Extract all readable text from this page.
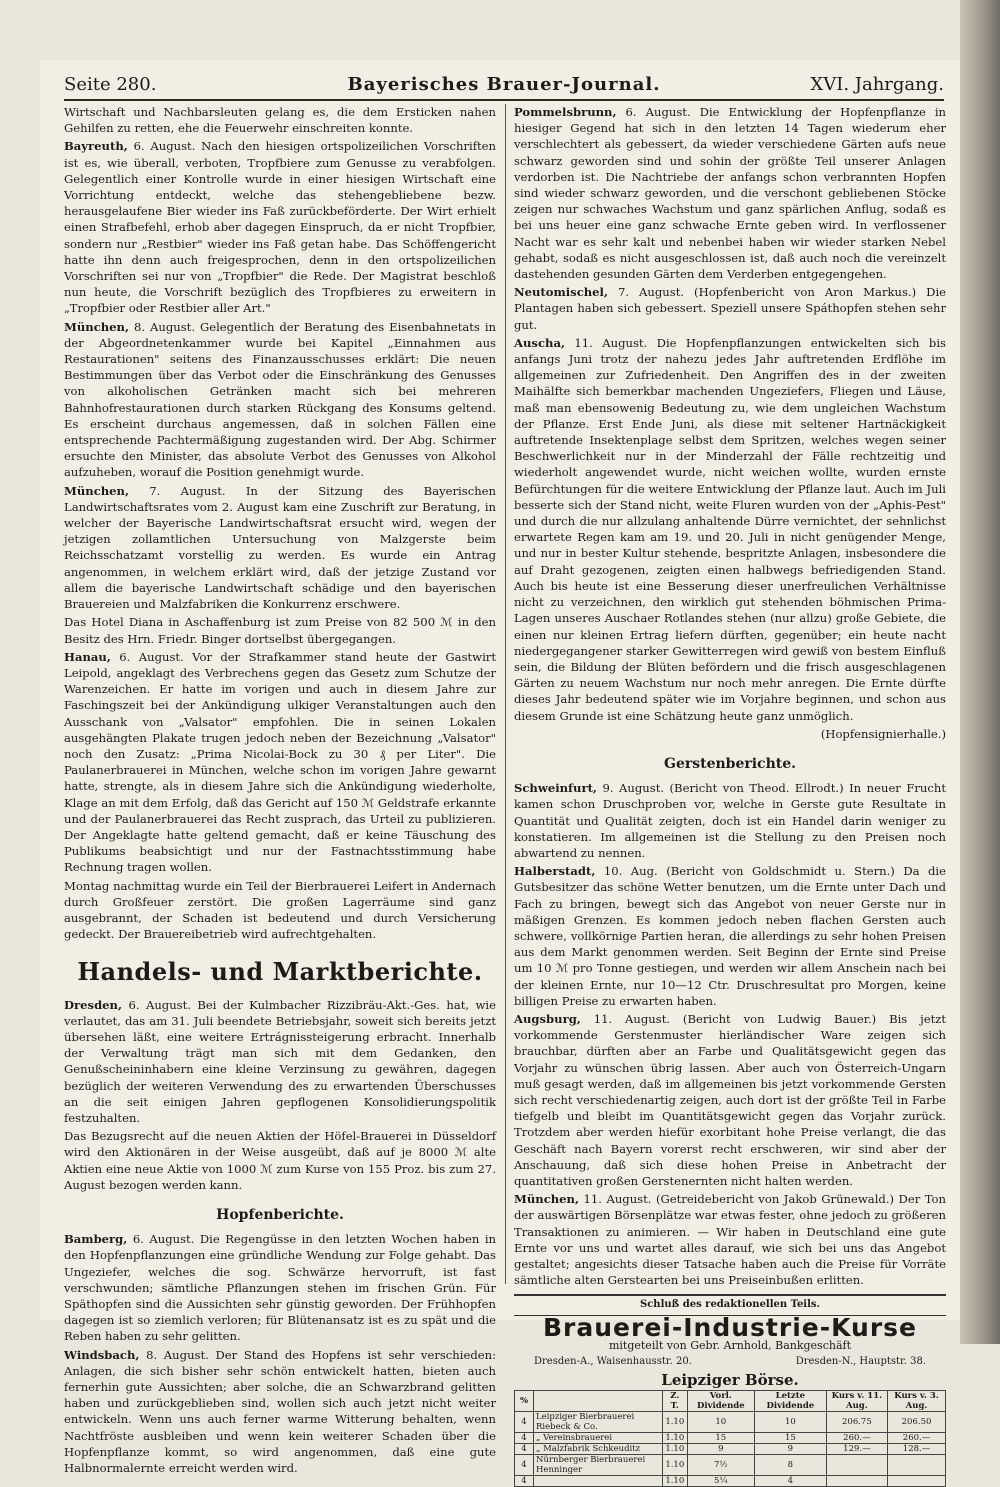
Seite 280.	Bayerisches Brauer-Journal.	XVI. Jahrgang.

Wirtschaft und Nachbarsleuten gelang es, die dem Ersticken nahen Gehilfen zu retten, ehe die Feuerwehr einschreiten konnte.

Bayreuth, 6. August. Nach den hiesigen ortspolizeilichen Vorschriften ist es, wie überall, verboten, Tropfbiere zum Genusse zu verabfolgen. Gelegentlich einer Kontrolle wurde in einer hiesigen Wirtschaft eine Vorrichtung entdeckt, welche das stehengebliebene bezw. herausgelaufene Bier wieder ins Faß zurückbeförderte. Der Wirt erhielt einen Strafbefehl, erhob aber dagegen Einspruch, da er nicht Tropfbier, sondern nur „Restbier" wieder ins Faß getan habe. Das Schöffengericht hatte ihn denn auch freigesprochen, denn in den ortspolizeilichen Vorschriften sei nur von „Tropfbier" die Rede. Der Magistrat beschloß nun heute, die Vorschrift bezüglich des Tropfbieres zu erweitern in „Tropfbier oder Restbier aller Art."

München, 8. August. Gelegentlich der Beratung des Eisenbahnetats in der Abgeordnetenkammer wurde bei Kapitel „Einnahmen aus Restaurationen" seitens des Finanzausschusses erklärt: Die neuen Bestimmungen über das Verbot oder die Einschränkung des Genusses von alkoholischen Getränken macht sich bei mehreren Bahnhofrestaurationen durch starken Rückgang des Konsums geltend. Es erscheint durchaus angemessen, daß in solchen Fällen eine entsprechende Pachtermäßigung zugestanden wird. Der Abg. Schirmer ersuchte den Minister, das absolute Verbot des Genusses von Alkohol aufzuheben, worauf die Position genehmigt wurde.

München, 7. August. In der Sitzung des Bayerischen Landwirtschaftsrates vom 2. August kam eine Zuschrift zur Beratung, in welcher der Bayerische Landwirtschaftsrat ersucht wird, wegen der jetzigen zollamtlichen Untersuchung von Malzgerste beim Reichsschatzamt vorstellig zu werden. Es wurde ein Antrag angenommen, in welchem erklärt wird, daß der jetzige Zustand vor allem die bayerische Landwirtschaft schädige und den bayerischen Brauereien und Malzfabriken die Konkurrenz erschwere.

Das Hotel Diana in Aschaffenburg ist zum Preise von 82 500 ℳ in den Besitz des Hrn. Friedr. Binger dortselbst übergegangen.

Hanau, 6. August. Vor der Strafkammer stand heute der Gastwirt Leipold, angeklagt des Verbrechens gegen das Gesetz zum Schutze der Warenzeichen. Er hatte im vorigen und auch in diesem Jahre zur Faschingszeit bei der Ankündigung ulkiger Veranstaltungen auch den Ausschank von „Valsator" empfohlen. Die in seinen Lokalen ausgehängten Plakate trugen jedoch neben der Bezeichnung „Valsator" noch den Zusatz: „Prima Nicolai-Bock zu 30 ₰ per Liter". Die Paulanerbrauerei in München, welche schon im vorigen Jahre gewarnt hatte, strengte, als in diesem Jahre sich die Ankündigung wiederholte, Klage an mit dem Erfolg, daß das Gericht auf 150 ℳ Geldstrafe erkannte und der Paulanerbrauerei das Recht zusprach, das Urteil zu publizieren. Der Angeklagte hatte geltend gemacht, daß er keine Täuschung des Publikums beabsichtigt und nur der Fastnachtsstimmung habe Rechnung tragen wollen.

Montag nachmittag wurde ein Teil der Bierbrauerei Leifert in Andernach durch Großfeuer zerstört. Die großen Lagerräume sind ganz ausgebrannt, der Schaden ist bedeutend und durch Versicherung gedeckt. Der Brauereibetrieb wird aufrechtgehalten.

Handels- und Marktberichte.

Dresden, 6. August. Bei der Kulmbacher Rizzibräu-Akt.-Ges. hat, wie verlautet, das am 31. Juli beendete Betriebsjahr, soweit sich bereits jetzt übersehen läßt, eine weitere Ertrágnissteigerung erbracht. Innerhalb der Verwaltung trägt man sich mit dem Gedanken, den Genußscheininhabern eine kleine Verzinsung zu gewähren, dagegen bezüglich der weiteren Verwendung des zu erwartenden Überschusses an die seit einigen Jahren gepflogenen Konsolidierungspolitik festzuhalten.

Das Bezugsrecht auf die neuen Aktien der Höfel-Brauerei in Düsseldorf wird den Aktionären in der Weise ausgeübt, daß auf je 8000 ℳ alte Aktien eine neue Aktie von 1000 ℳ zum Kurse von 155 Proz. bis zum 27. August bezogen werden kann.

Hopfenberichte.

Bamberg, 6. August. Die Regengüsse in den letzten Wochen haben in den Hopfenpflanzungen eine gründliche Wendung zur Folge gehabt. Das Ungeziefer, welches die sog. Schwärze hervorruft, ist fast verschwunden; sämtliche Pflanzungen stehen im frischen Grün. Für Späthopfen sind die Aussichten sehr günstig geworden. Der Frühhopfen dagegen ist so ziemlich verloren; für Blütenansatz ist es zu spät und die Reben haben zu sehr gelitten.

Windsbach, 8. August. Der Stand des Hopfens ist sehr verschieden: Anlagen, die sich bisher sehr schön entwickelt hatten, bieten auch fernerhin gute Aussichten; aber solche, die an Schwarzbrand gelitten haben und zurückgeblieben sind, wollen sich auch jetzt nicht weiter entwickeln. Wenn uns auch ferner warme Witterung behalten, wenn Nachtfröste ausbleiben und wenn kein weiterer Schaden über die Hopfenpflanze kommt, so wird angenommen, daß eine gute Halbnormalernte erreicht werden wird.

Pommelsbrunn, 6. August. Die Entwicklung der Hopfenpflanze in hiesiger Gegend hat sich in den letzten 14 Tagen wiederum eher verschlechtert als gebessert, da wieder verschiedene Gärten aufs neue schwarz geworden sind und sohin der größte Teil unserer Anlagen verdorben ist. Die Nachtriebe der anfangs schon verbrannten Hopfen sind wieder schwarz geworden, und die verschont gebliebenen Stöcke zeigen nur schwaches Wachstum und ganz spärlichen Anflug, sodaß es bei uns heuer eine ganz schwache Ernte geben wird. In verflossener Nacht war es sehr kalt und nebenbei haben wir wieder starken Nebel gehabt, sodaß es nicht ausgeschlossen ist, daß auch noch die vereinzelt dastehenden gesunden Gärten dem Verderben entgegengehen.

Neutomischel, 7. August. (Hopfenbericht von Aron Markus.) Die Plantagen haben sich gebessert. Speziell unsere Spáthopfen stehen sehr gut.

Auscha, 11. August. Die Hopfenpflanzungen entwickelten sich bis anfangs Juni trotz der nahezu jedes Jahr auftretenden Erdflöhe im allgemeinen zur Zufriedenheit. Den Angriffen des in der zweiten Maihälfte sich bemerkbar machenden Ungeziefers, Fliegen und Läuse, maß man ebensowenig Bedeutung zu, wie dem ungleichen Wachstum der Pflanze. Erst Ende Juni, als diese mit seltener Hartnäckigkeit auftretende Insektenplage selbst dem Spritzen, welches wegen seiner Beschwerlichkeit nur in der Minderzahl der Fälle rechtzeitig und wiederholt angewendet wurde, nicht weichen wollte, wurden ernste Befürchtungen für die weitere Entwicklung der Pflanze laut. Auch im Juli besserte sich der Stand nicht, weite Fluren wurden von der „Aphis-Pest" und durch die nur allzulang anhaltende Dürre vernichtet, der sehnlichst erwartete Regen kam am 19. und 20. Juli in nicht genügender Menge, und nur in bester Kultur stehende, bespritzte Anlagen, insbesondere die auf Draht gezogenen, zeigten einen halbwegs befriedigenden Stand. Auch bis heute ist eine Besserung dieser unerfreulichen Verhältnisse nicht zu verzeichnen, den wirklich gut stehenden böhmischen Prima-Lagen unseres Auschaer Rotlandes stehen (nur allzu) große Gebiete, die einen nur kleinen Ertrag liefern dürften, gegenüber; ein heute nacht niedergegangener starker Gewitterregen wird gewiß von bestem Einfluß sein, die Bildung der Blüten befördern und die frisch ausgeschlagenen Gärten zu neuem Wachstum nur noch mehr anregen. Die Ernte dürfte dieses Jahr bedeutend später wie im Vorjahre beginnen, und schon aus diesem Grunde ist eine Schätzung heute ganz unmöglich.

(Hopfensignierhalle.)

Gerstenberichte.

Schweinfurt, 9. August. (Bericht von Theod. Ellrodt.) In neuer Frucht kamen schon Druschproben vor, welche in Gerste gute Resultate in Quantität und Qualität zeigten, doch ist ein Handel darin weniger zu konstatieren. Im allgemeinen ist die Stellung zu den Preisen noch abwartend zu nennen.

Halberstadt, 10. Aug. (Bericht von Goldschmidt u. Stern.) Da die Gutsbesitzer das schöne Wetter benutzen, um die Ernte unter Dach und Fach zu bringen, bewegt sich das Angebot von neuer Gerste nur in mäßigen Grenzen. Es kommen jedoch neben flachen Gersten auch schwere, vollkörnige Partien heran, die allerdings zu sehr hohen Preisen aus dem Markt genommen werden. Seit Beginn der Ernte sind Preise um 10 ℳ pro Tonne gestiegen, und werden wir allem Anschein nach bei der kleinen Ernte, nur 10—12 Ctr. Druschresultat pro Morgen, keine billigen Preise zu erwarten haben.

Augsburg, 11. August. (Bericht von Ludwig Bauer.) Bis jetzt vorkommende Gerstenmuster hierländischer Ware zeigen sich brauchbar, dürften aber an Farbe und Qualitätsgewicht gegen das Vorjahr zu wünschen übrig lassen. Aber auch von Österreich-Ungarn muß gesagt werden, daß im allgemeinen bis jetzt vorkommende Gersten sich recht verschiedenartig zeigen, auch dort ist der größte Teil in Farbe tiefgelb und bleibt im Quantitätsgewicht gegen das Vorjahr zurück. Trotzdem aber werden hiefür exorbitant hohe Preise verlangt, die das Geschäft nach Bayern vorerst recht erschweren, wir sind aber der Anschauung, daß sich diese hohen Preise in Anbetracht der quantitativen großen Gerstenernten nicht halten werden.

München, 11. August. (Getreidebericht von Jakob Grünewald.) Der Ton der auswärtigen Börsenplätze war etwas fester, ohne jedoch zu größeren Transaktionen zu animieren. — Wir haben in Deutschland eine gute Ernte vor uns und wartet alles darauf, wie sich bei uns das Angebot gestaltet; angesichts dieser Tatsache haben auch die Preise für Vorräte sämtliche alten Gerstearten bei uns Preiseinbußen erlitten.

Schluß des redaktionellen Teils.
Brauerei-Industrie-Kurse
mitgeteilt von Gebr. Arnhold, Bankgeschäft
Dresden-A., Waisenhausstr. 20.	Dresden-N., Hauptstr. 38.
Leipziger Börse.
%		Z. T.	Vorl. Dividende	Letzte Dividende	Kurs v. 11. Aug.	Kurs v. 3. Aug.
4	Leipziger Bierbrauerei Riebeck & Co.	1.10	10	10	206.75	206.50
4	„ Vereinsbrauerei	1.10	15	15	260.—	260.—
4	„ Malzfabrik Schkeuditz	1.10	9	9	129.—	128.—
4	Nürnberger Bierbrauerei Henninger	1.10	7½	8		
4		1.10	5¼	4		
